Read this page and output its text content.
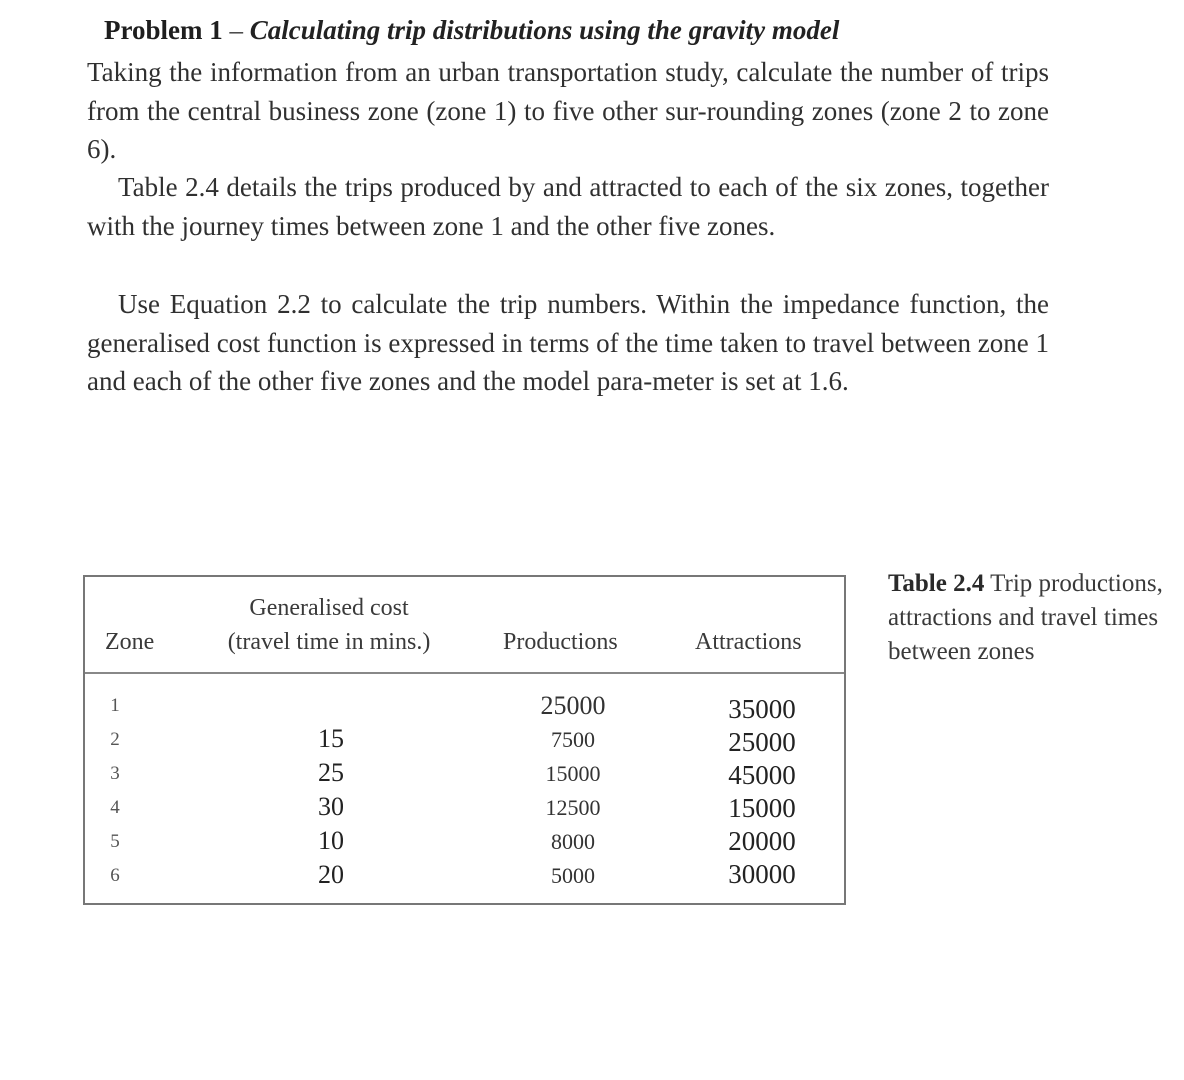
Problem 1 – Calculating trip distributions using the gravity model

Taking the information from an urban transportation study, calculate the number of trips from the central business zone (zone 1) to five other sur-rounding zones (zone 2 to zone 6).

Table 2.4 details the trips produced by and attracted to each of the six zones, together with the journey times between zone 1 and the other five zones.

Use Equation 2.2 to calculate the trip numbers. Within the impedance function, the generalised cost function is expressed in terms of the time taken to travel between zone 1 and each of the other five zones and the model para-meter is set at 1.6.

Zone
Generalised cost
(travel time in mins.)	Productions	Attractions
1
2
3
4
5
6
15
25
30
10
20
25000
7500
15000
12500
8000
5000
35000
25000
45000
15000
20000
30000
Table 2.4 Trip productions, attractions and travel times between zones
